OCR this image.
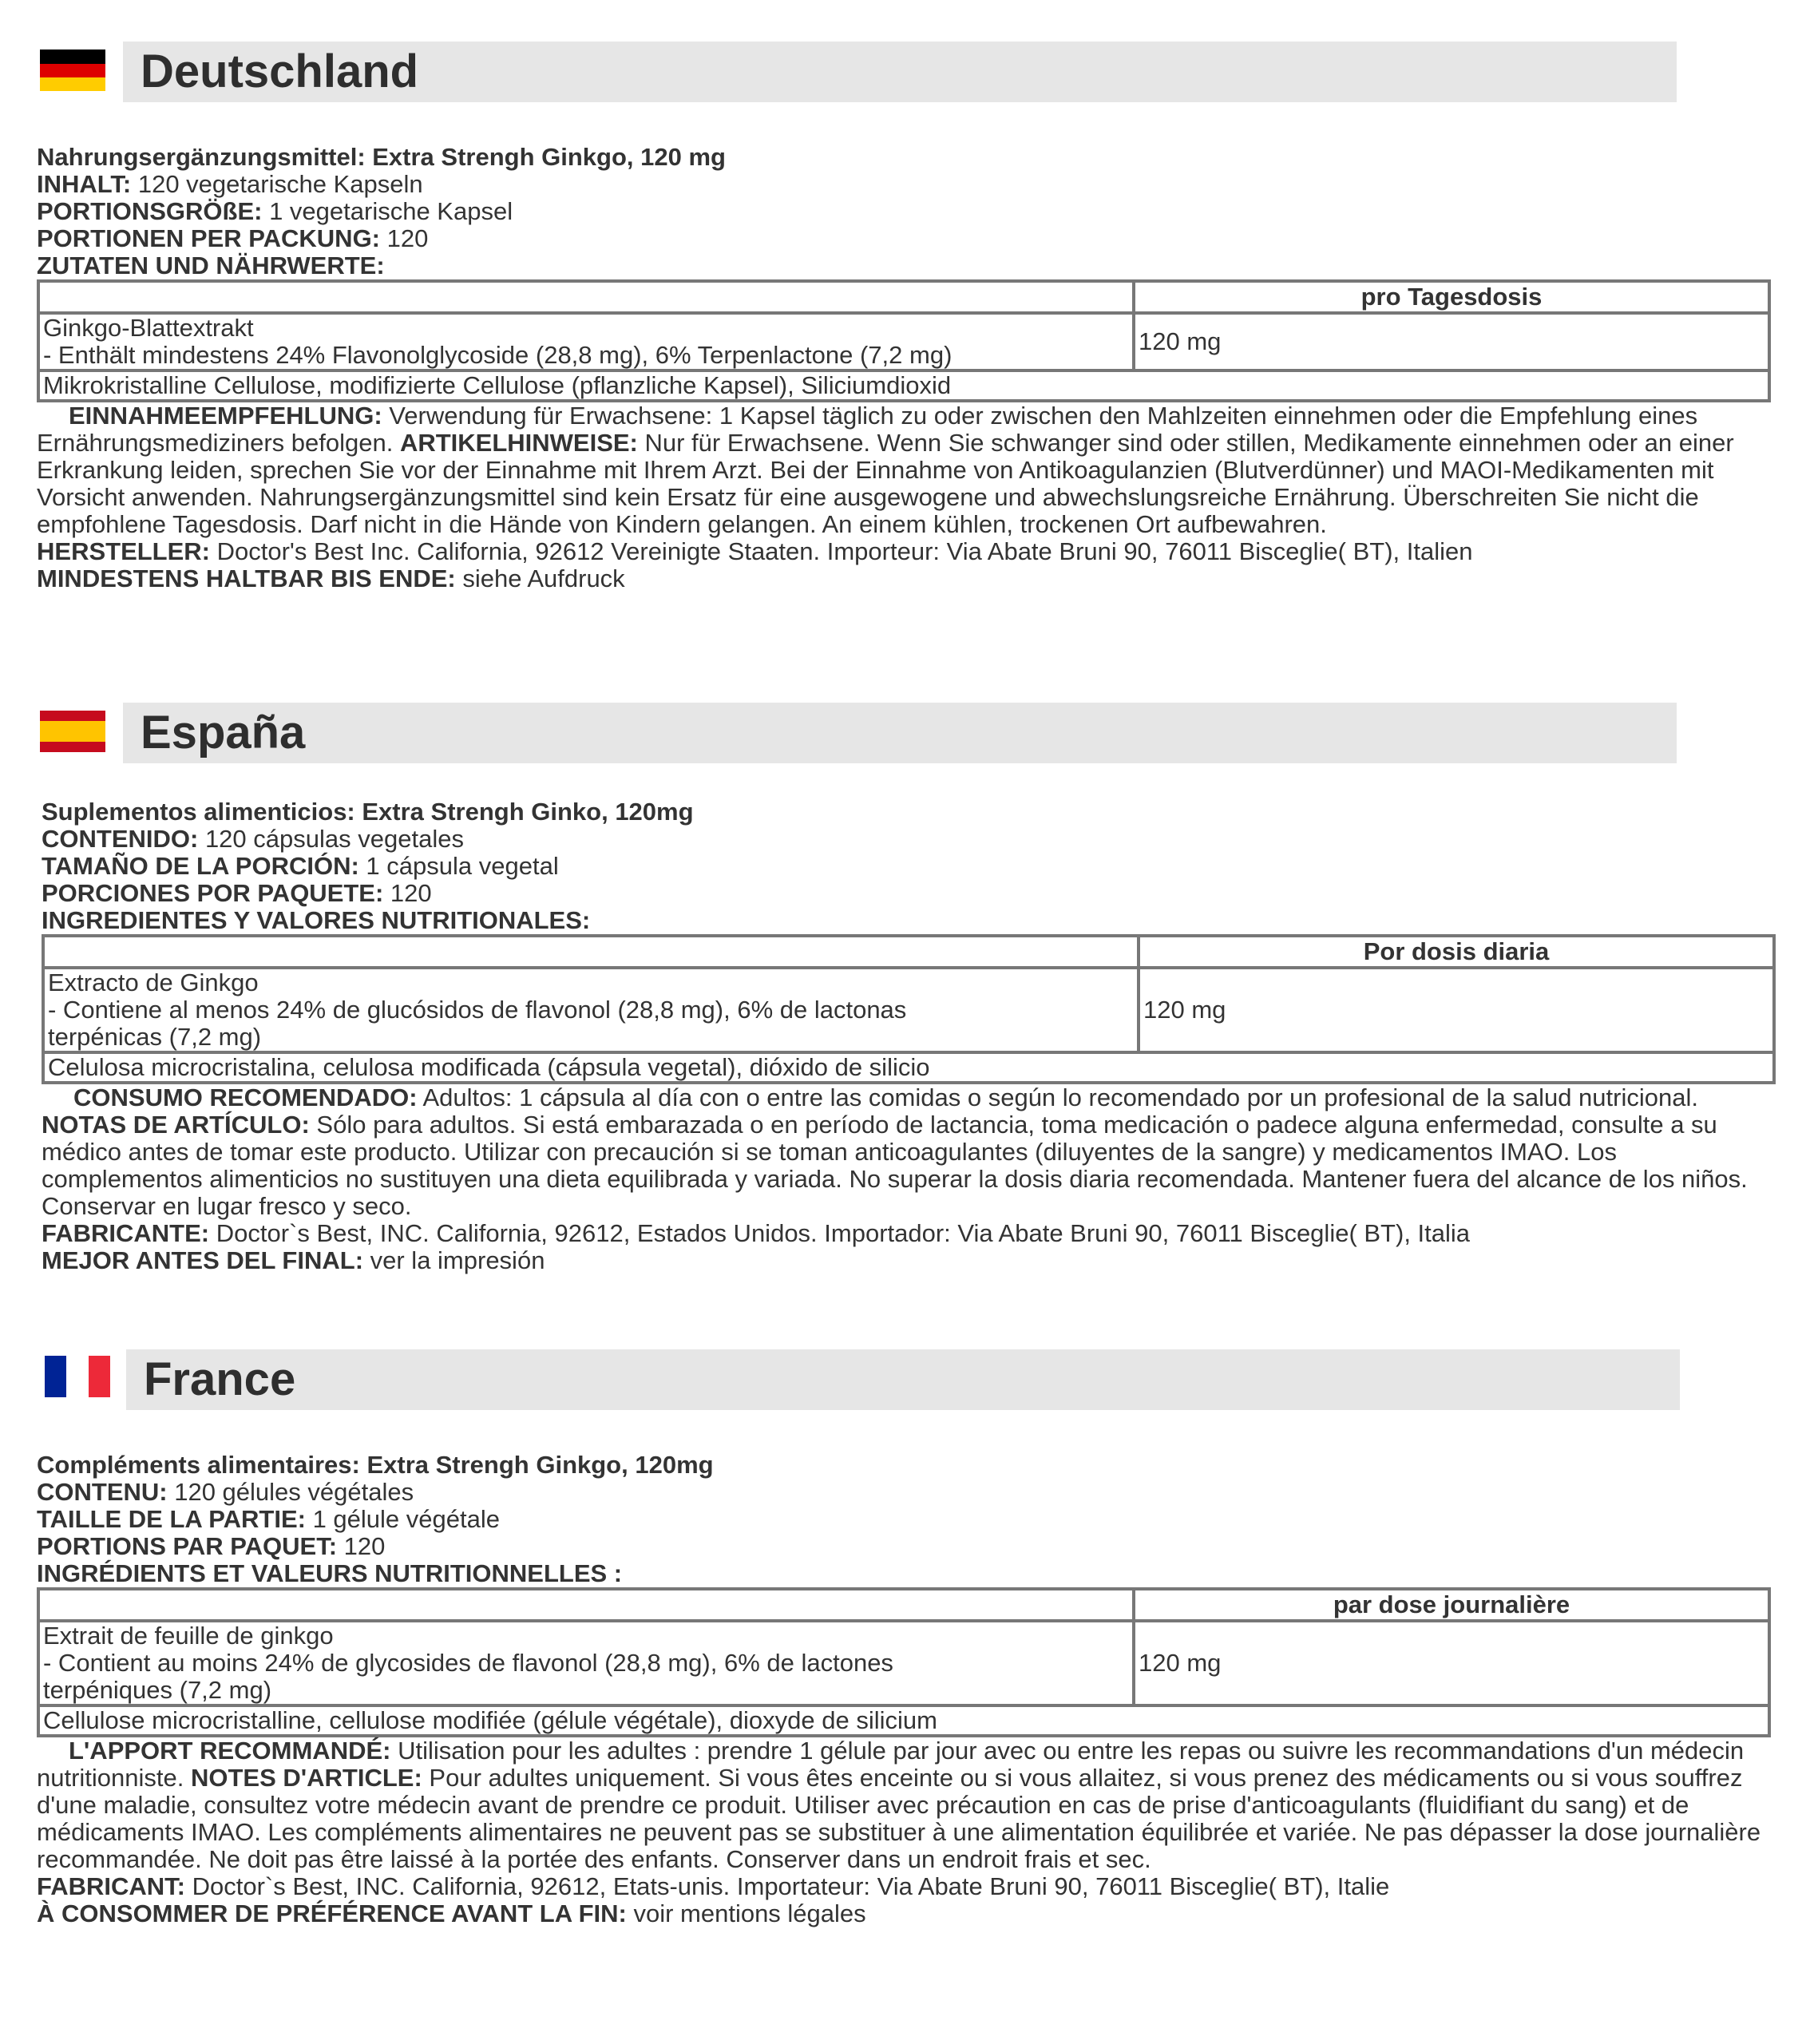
Deutschland
Nahrungsergänzungsmittel: Extra Strengh Ginkgo, 120 mg
INHALT: 120 vegetarische Kapseln
PORTIONSGRÖßE: 1 vegetarische Kapsel
PORTIONEN PER PACKUNG: 120
ZUTATEN UND NÄHRWERTE:
	pro Tagesdosis

Ginkgo-Blattextrakt
- Enthält mindestens 24% Flavonolglycoside (28,8 mg), 6% Terpenlactone (7,2 mg)	120 mg
Mikrokristalline Cellulose, modifizierte Cellulose (pflanzliche Kapsel), Siliciumdioxid	
EINNAHMEEMPFEHLUNG: Verwendung für Erwachsene: 1 Kapsel täglich zu oder zwischen den Mahlzeiten einnehmen oder die Empfehlung eines Ernährungsmediziners befolgen. ARTIKELHINWEISE: Nur für Erwachsene. Wenn Sie schwanger sind oder stillen, Medikamente einnehmen oder an einer Erkrankung leiden, sprechen Sie vor der Einnahme mit Ihrem Arzt. Bei der Einnahme von Antikoagulanzien (Blutverdünner) und MAOI-Medikamenten mit Vorsicht anwenden. Nahrungsergänzungsmittel sind kein Ersatz für eine ausgewogene und abwechslungsreiche Ernährung. Überschreiten Sie nicht die empfohlene Tagesdosis. Darf nicht in die Hände von Kindern gelangen. An einem kühlen, trockenen Ort aufbewahren.
HERSTELLER: Doctor's Best Inc. California, 92612 Vereinigte Staaten. Importeur: Via Abate Bruni 90, 76011 Bisceglie( BT), Italien
MINDESTENS HALTBAR BIS ENDE: siehe Aufdruck
España
Suplementos alimenticios: Extra Strengh Ginko, 120mg
CONTENIDO: 120 cápsulas vegetales
TAMAÑO DE LA PORCIÓN: 1 cápsula vegetal
PORCIONES POR PAQUETE: 120
INGREDIENTES Y VALORES NUTRITIONALES:
	Por dosis diaria

Extracto de Ginkgo
- Contiene al menos 24% de glucósidos de flavonol (28,8 mg), 6% de lactonas
terpénicas (7,2 mg)	120 mg
Celulosa microcristalina, celulosa modificada (cápsula vegetal), dióxido de silicio	
CONSUMO RECOMENDADO: Adultos: 1 cápsula al día con o entre las comidas o según lo recomendado por un profesional de la salud nutricional. NOTAS DE ARTÍCULO: Sólo para adultos. Si está embarazada o en período de lactancia, toma medicación o padece alguna enfermedad, consulte a su médico antes de tomar este producto. Utilizar con precaución si se toman anticoagulantes (diluyentes de la sangre) y medicamentos IMAO. Los complementos alimenticios no sustituyen una dieta equilibrada y variada. No superar la dosis diaria recomendada. Mantener fuera del alcance de los niños. Conservar en lugar fresco y seco.
FABRICANTE: Doctor`s Best, INC. California, 92612, Estados Unidos. Importador: Via Abate Bruni 90, 76011 Bisceglie( BT), Italia
MEJOR ANTES DEL FINAL: ver la impresión
France
Compléments alimentaires: Extra Strengh Ginkgo, 120mg
CONTENU: 120 gélules végétales
TAILLE DE LA PARTIE: 1 gélule végétale
PORTIONS PAR PAQUET: 120
INGRÉDIENTS ET VALEURS NUTRITIONNELLES :
	par dose journalière

Extrait de feuille de ginkgo
- Contient au moins 24% de glycosides de flavonol (28,8 mg), 6% de lactones
terpéniques (7,2 mg)	120 mg
Cellulose microcristalline, cellulose modifiée (gélule végétale), dioxyde de silicium	
L'APPORT RECOMMANDÉ: Utilisation pour les adultes : prendre 1 gélule par jour avec ou entre les repas ou suivre les recommandations d'un médecin nutritionniste. NOTES D'ARTICLE: Pour adultes uniquement. Si vous êtes enceinte ou si vous allaitez, si vous prenez des médicaments ou si vous souffrez d'une maladie, consultez votre médecin avant de prendre ce produit. Utiliser avec précaution en cas de prise d'anticoagulants (fluidifiant du sang) et de médicaments IMAO. Les compléments alimentaires ne peuvent pas se substituer à une alimentation équilibrée et variée. Ne pas dépasser la dose journalière recommandée. Ne doit pas être laissé à la portée des enfants. Conserver dans un endroit frais et sec.
FABRICANT: Doctor`s Best, INC. California, 92612, Etats-unis. Importateur: Via Abate Bruni 90, 76011 Bisceglie( BT), Italie
À CONSOMMER DE PRÉFÉRENCE AVANT LA FIN: voir mentions légales
